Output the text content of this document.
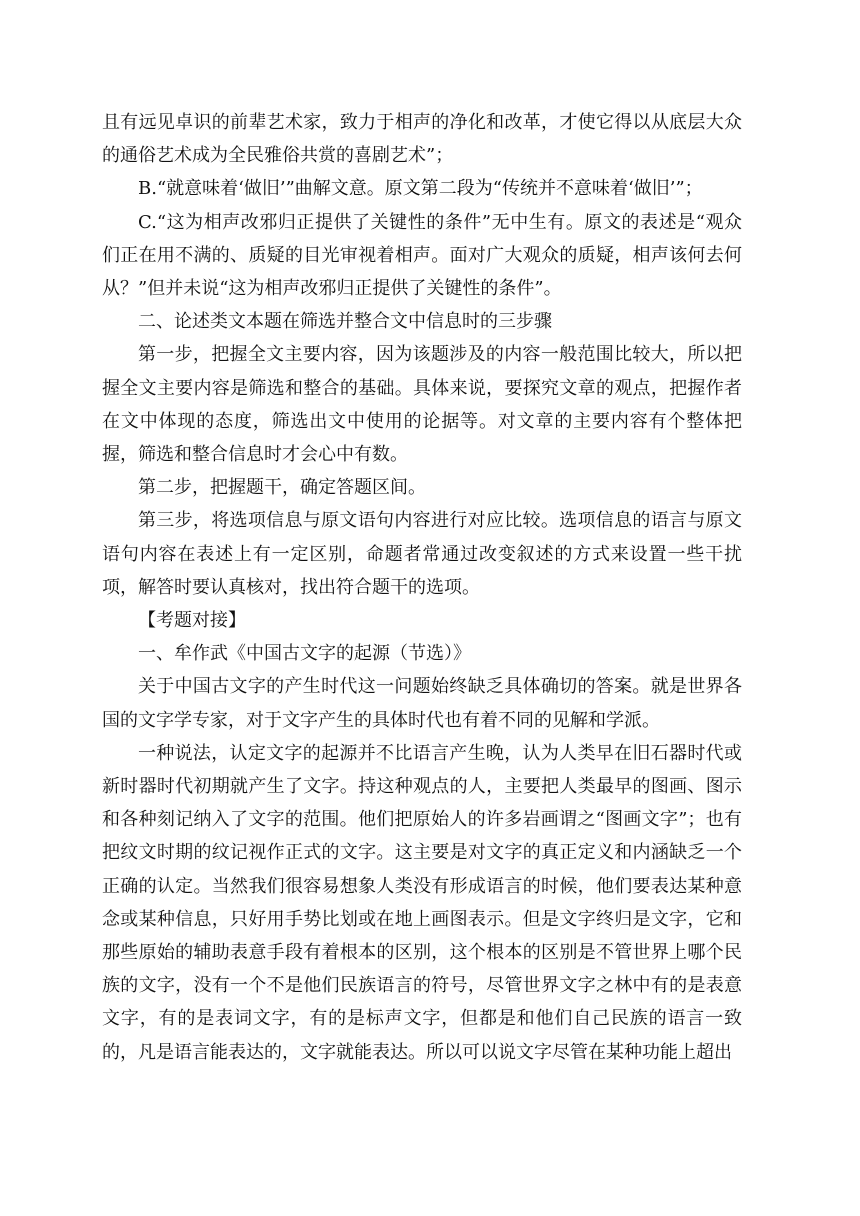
且有远见卓识的前辈艺术家，致力于相声的净化和改革，才使它得以从底层大众的通俗艺术成为全民雅俗共赏的喜剧艺术”；

B.“就意味着‘做旧’”曲解文意。原文第二段为“传统并不意味着‘做旧’”；

C.“这为相声改邪归正提供了关键性的条件”无中生有。原文的表述是“观众们正在用不满的、质疑的目光审视着相声。面对广大观众的质疑，相声该何去何从？”但并未说“这为相声改邪归正提供了关键性的条件”。

二、论述类文本题在筛选并整合文中信息时的三步骤

第一步，把握全文主要内容，因为该题涉及的内容一般范围比较大，所以把握全文主要内容是筛选和整合的基础。具体来说，要探究文章的观点，把握作者在文中体现的态度，筛选出文中使用的论据等。对文章的主要内容有个整体把握，筛选和整合信息时才会心中有数。

第二步，把握题干，确定答题区间。

第三步，将选项信息与原文语句内容进行对应比较。选项信息的语言与原文语句内容在表述上有一定区别，命题者常通过改变叙述的方式来设置一些干扰项，解答时要认真核对，找出符合题干的选项。

【考题对接】

一、牟作武《中国古文字的起源（节选）》

关于中国古文字的产生时代这一问题始终缺乏具体确切的答案。就是世界各国的文字学专家，对于文字产生的具体时代也有着不同的见解和学派。

一种说法，认定文字的起源并不比语言产生晚，认为人类早在旧石器时代或新时器时代初期就产生了文字。持这种观点的人，主要把人类最早的图画、图示和各种刻记纳入了文字的范围。他们把原始人的许多岩画谓之“图画文字”；也有把纹文时期的纹记视作正式的文字。这主要是对文字的真正定义和内涵缺乏一个正确的认定。当然我们很容易想象人类没有形成语言的时候，他们要表达某种意念或某种信息，只好用手势比划或在地上画图表示。但是文字终归是文字，它和那些原始的辅助表意手段有着根本的区别，这个根本的区别是不管世界上哪个民族的文字，没有一个不是他们民族语言的符号，尽管世界文字之林中有的是表意文字，有的是表词文字，有的是标声文字，但都是和他们自己民族的语言一致的，凡是语言能表达的，文字就能表达。所以可以说文字尽管在某种功能上超出
